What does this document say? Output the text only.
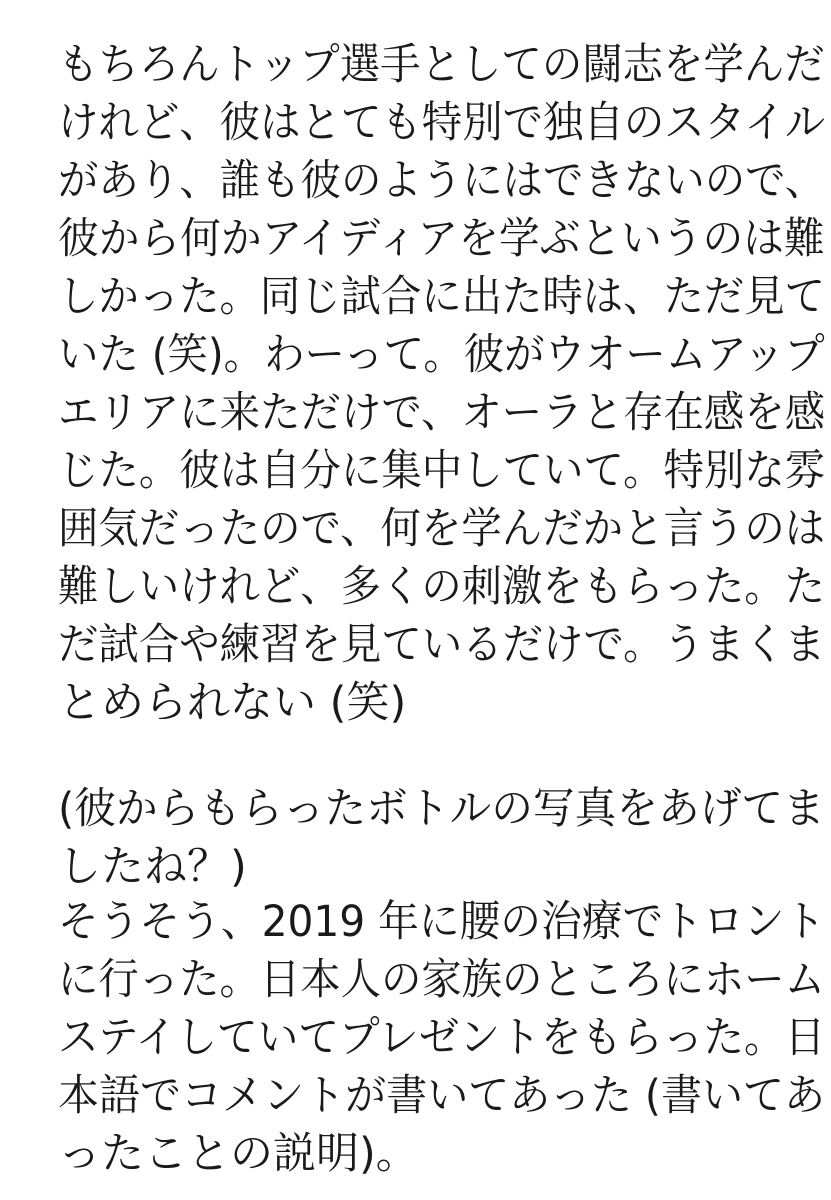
もちろんトップ選手としての闘志を学んだ
けれど、彼はとても特別で独自のスタイル
があり、誰も彼のようにはできないので、
彼から何かアイディアを学ぶというのは難
しかった。同じ試合に出た時は、ただ見て
いた (笑)。わーって。彼がウオームアップ
エリアに来ただけで、オーラと存在感を感
じた。彼は自分に集中していて。特別な雰
囲気だったので、何を学んだかと言うのは
難しいけれど、多くの刺激をもらった。た
だ試合や練習を見ているだけで。うまくま
とめられない (笑)
(彼からもらったボトルの写真をあげてま
したね？)
そうそう、2019 年に腰の治療でトロント
に行った。日本人の家族のところにホーム
ステイしていてプレゼントをもらった。日
本語でコメントが書いてあった (書いてあ
ったことの説明)。
